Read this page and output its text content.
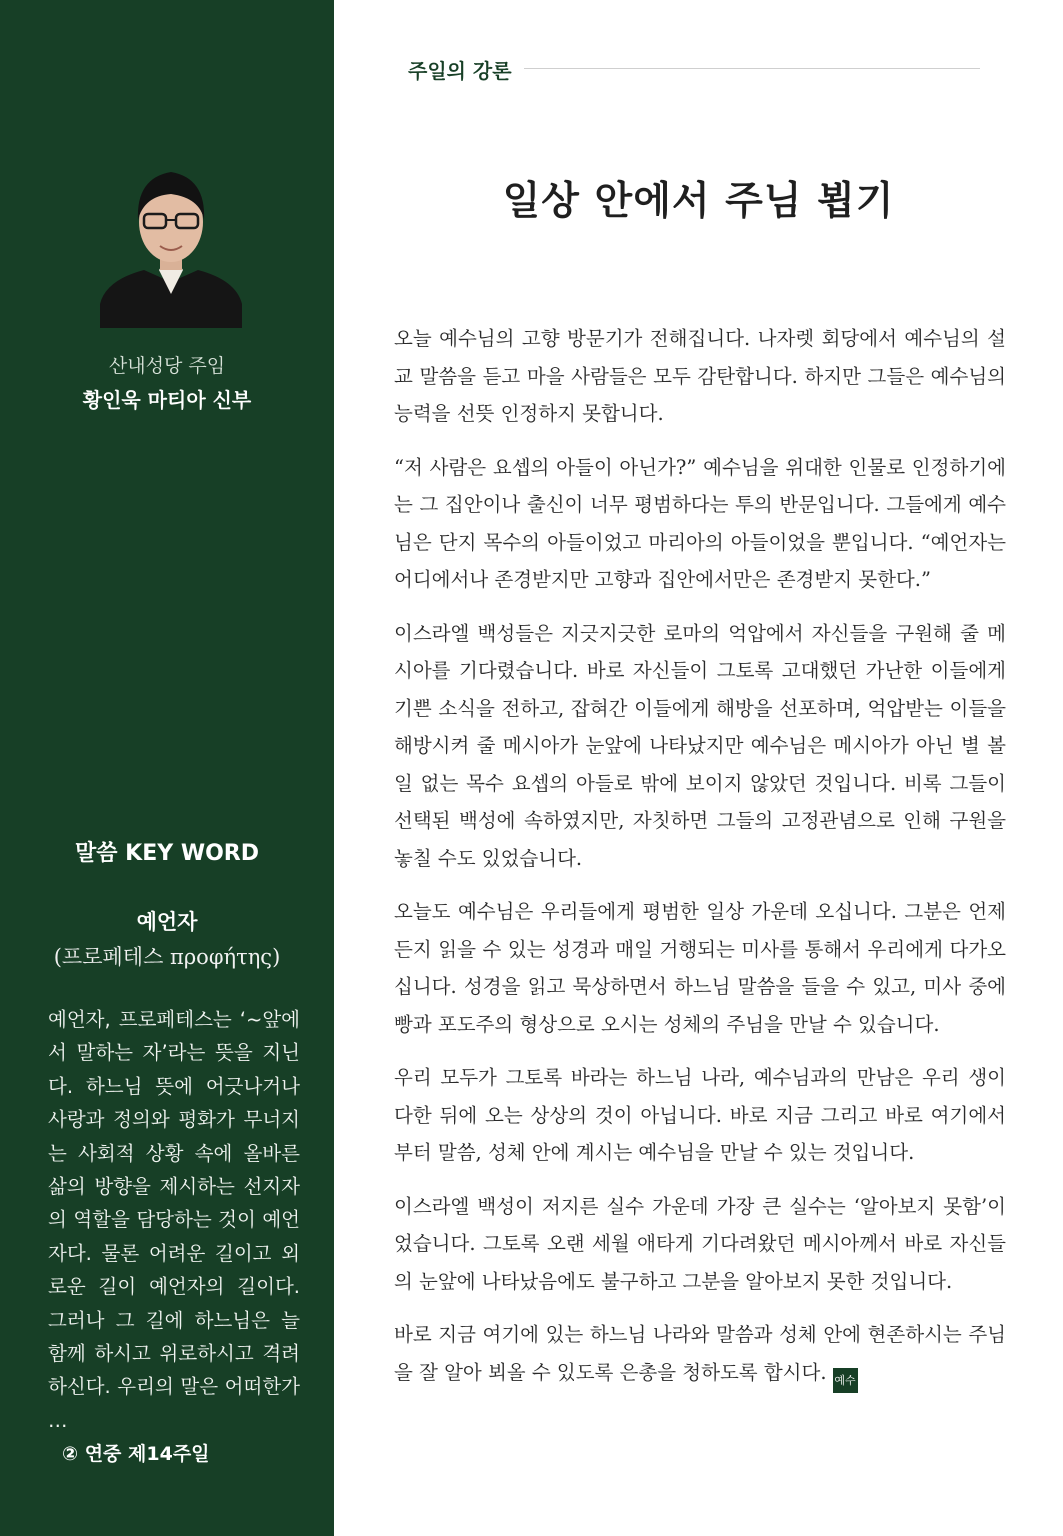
산내성당 주임
황인욱 마티아 신부
말씀 KEY WORD
예언자
(프로페테스 προφήτης)
예언자, 프로페테스는 ‘~앞에서 말하는 자’라는 뜻을 지닌다. 하느님 뜻에 어긋나거나 사랑과 정의와 평화가 무너지는 사회적 상황 속에 올바른 삶의 방향을 제시하는 선지자의 역할을 담당하는 것이 예언자다. 물론 어려운 길이고 외로운 길이 예언자의 길이다. 그러나 그 길에 하느님은 늘 함께 하시고 위로하시고 격려하신다. 우리의 말은 어떠한가 …
② 연중 제14주일
주일의 강론
일상 안에서 주님 뵙기

오늘 예수님의 고향 방문기가 전해집니다. 나자렛 회당에서 예수님의 설교 말씀을 듣고 마을 사람들은 모두 감탄합니다. 하지만 그들은 예수님의 능력을 선뜻 인정하지 못합니다.

“저 사람은 요셉의 아들이 아닌가?” 예수님을 위대한 인물로 인정하기에는 그 집안이나 출신이 너무 평범하다는 투의 반문입니다. 그들에게 예수님은 단지 목수의 아들이었고 마리아의 아들이었을 뿐입니다. “예언자는 어디에서나 존경받지만 고향과 집안에서만은 존경받지 못한다.”

이스라엘 백성들은 지긋지긋한 로마의 억압에서 자신들을 구원해 줄 메시아를 기다렸습니다. 바로 자신들이 그토록 고대했던 가난한 이들에게 기쁜 소식을 전하고, 잡혀간 이들에게 해방을 선포하며, 억압받는 이들을 해방시켜 줄 메시아가 눈앞에 나타났지만 예수님은 메시아가 아닌 별 볼일 없는 목수 요셉의 아들로 밖에 보이지 않았던 것입니다. 비록 그들이 선택된 백성에 속하였지만, 자칫하면 그들의 고정관념으로 인해 구원을 놓칠 수도 있었습니다.

오늘도 예수님은 우리들에게 평범한 일상 가운데 오십니다. 그분은 언제든지 읽을 수 있는 성경과 매일 거행되는 미사를 통해서 우리에게 다가오십니다. 성경을 읽고 묵상하면서 하느님 말씀을 들을 수 있고, 미사 중에 빵과 포도주의 형상으로 오시는 성체의 주님을 만날 수 있습니다.

우리 모두가 그토록 바라는 하느님 나라, 예수님과의 만남은 우리 생이 다한 뒤에 오는 상상의 것이 아닙니다. 바로 지금 그리고 바로 여기에서부터 말씀, 성체 안에 계시는 예수님을 만날 수 있는 것입니다.

이스라엘 백성이 저지른 실수 가운데 가장 큰 실수는 ‘알아보지 못함’이었습니다. 그토록 오랜 세월 애타게 기다려왔던 메시아께서 바로 자신들의 눈앞에 나타났음에도 불구하고 그분을 알아보지 못한 것입니다.

바로 지금 여기에 있는 하느님 나라와 말씀과 성체 안에 현존하시는 주님을 잘 알아 뵈올 수 있도록 은총을 청하도록 합시다. 예수
